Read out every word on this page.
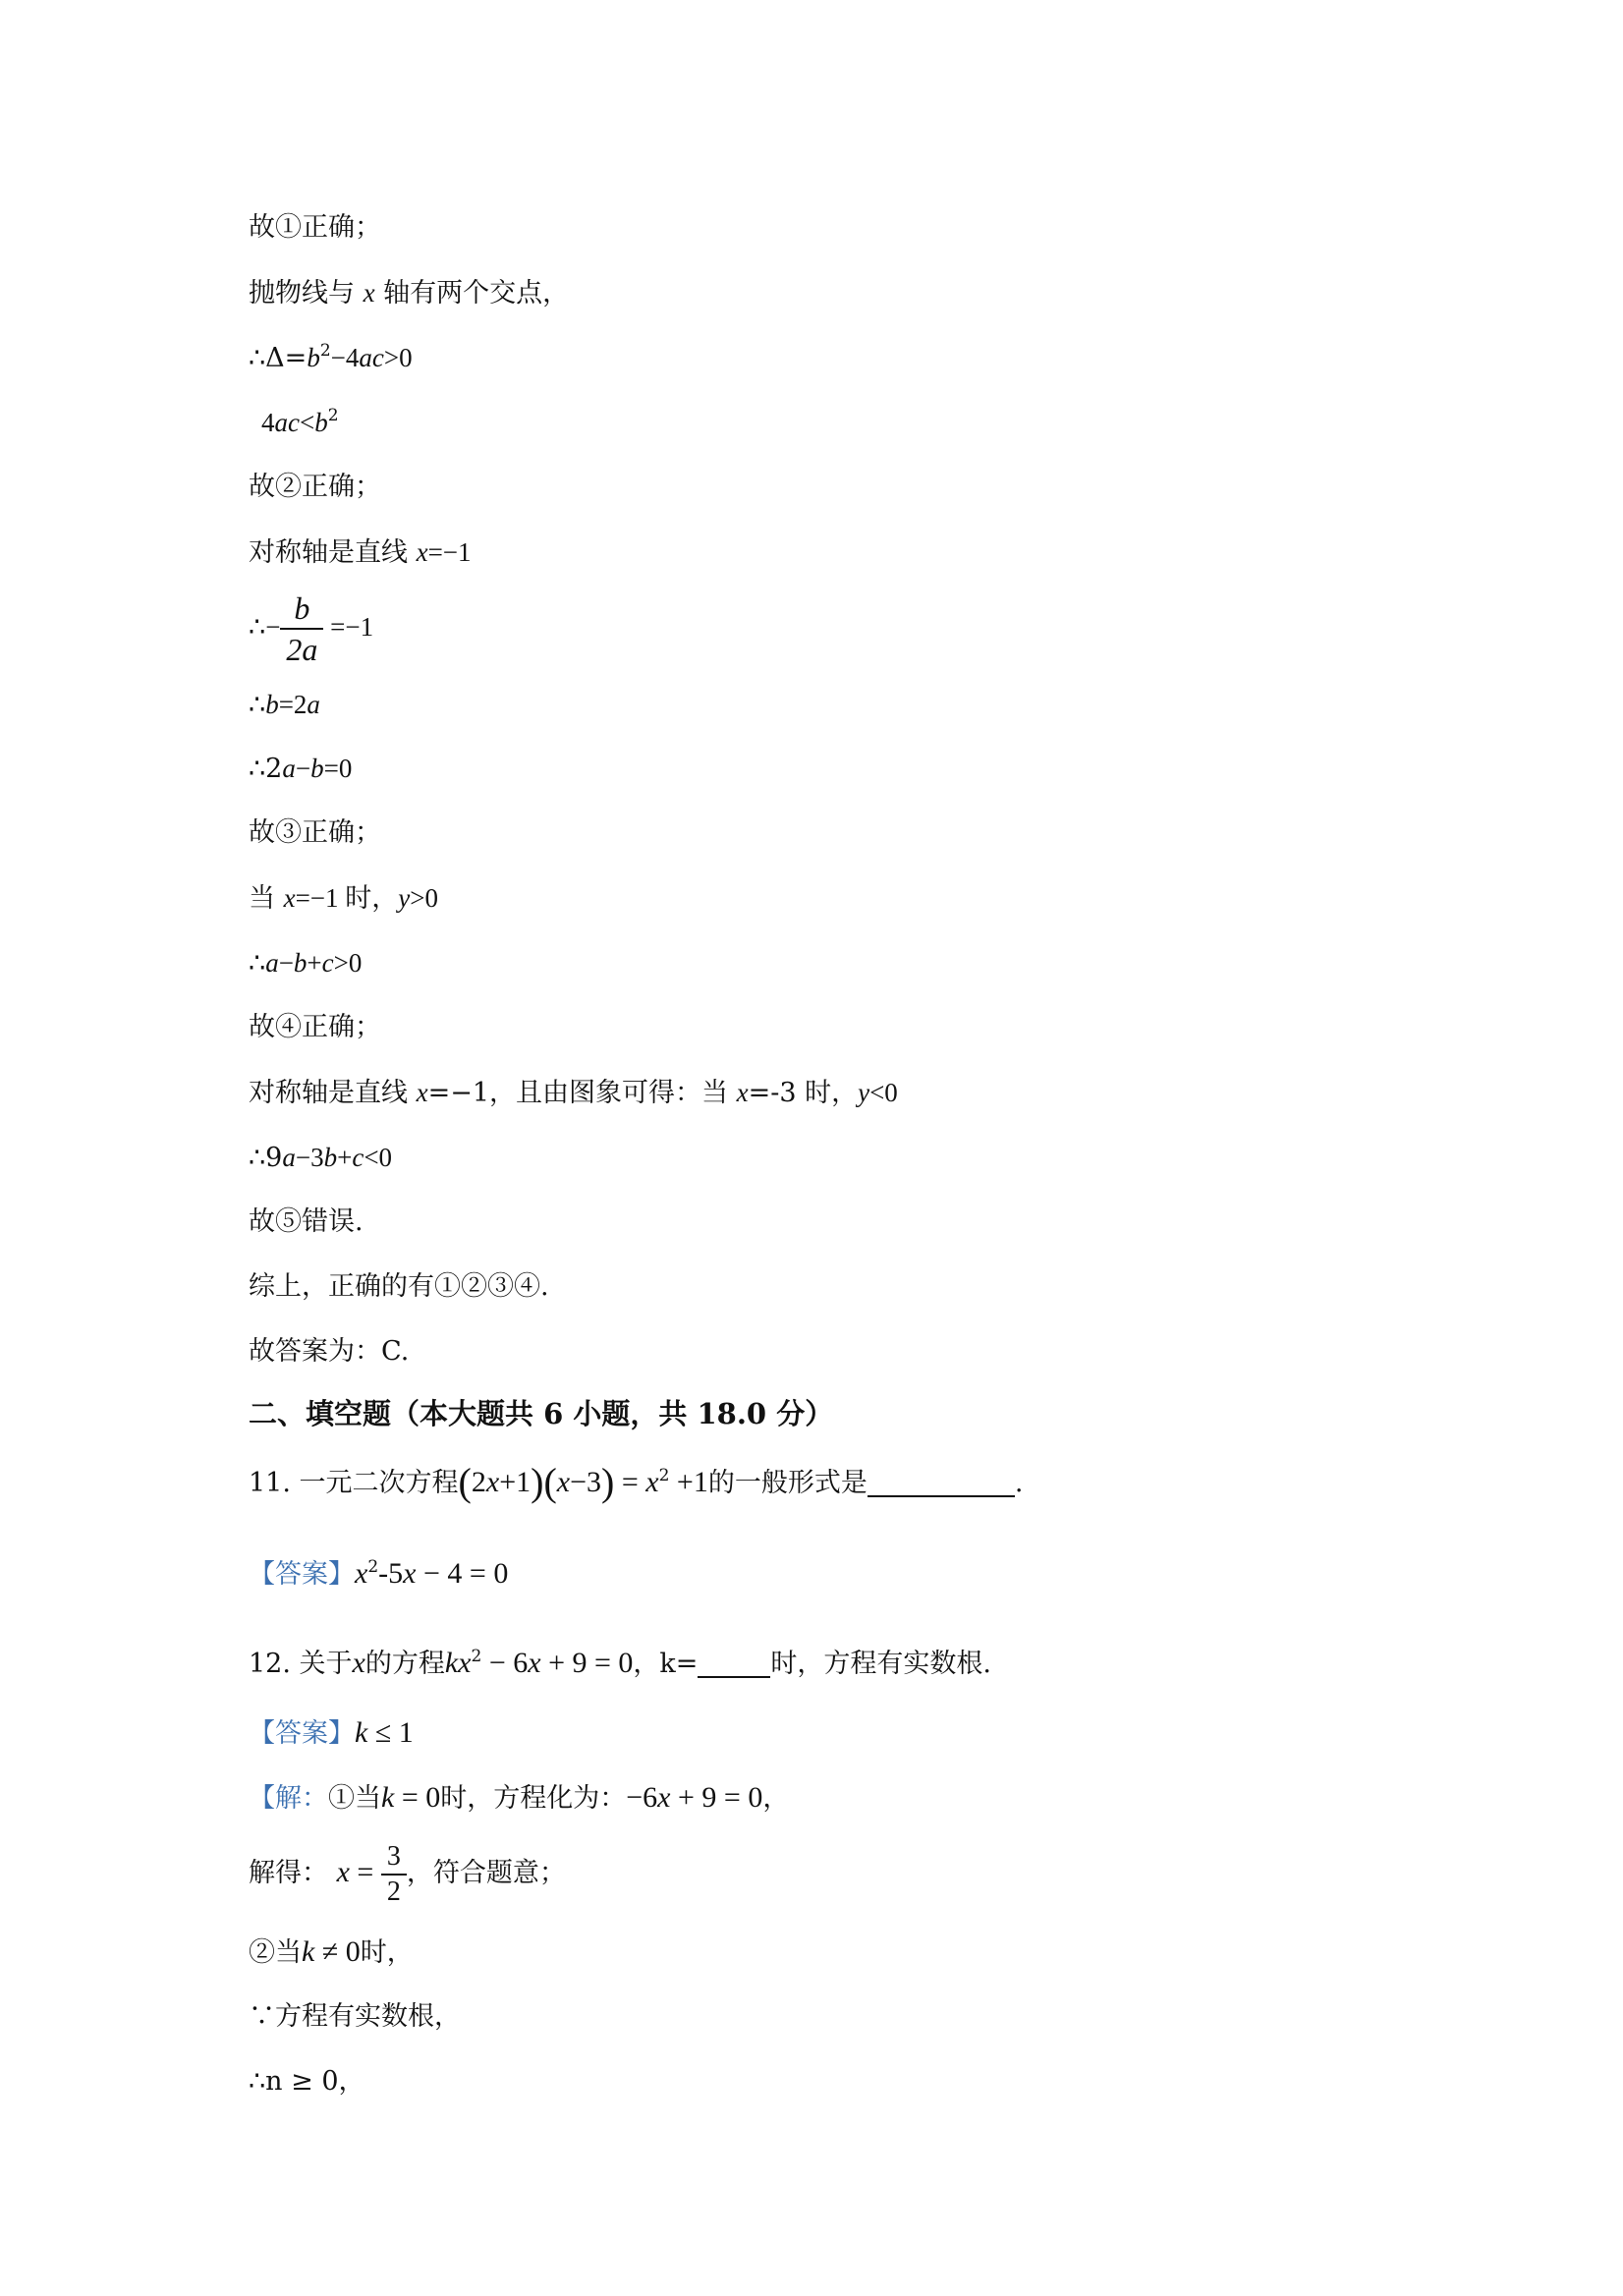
故①正确；
抛物线与 x 轴有两个交点，
$\therefore\Delta=b^2-4ac>0$
$4ac<b^2$
故②正确；
对称轴是直线 x=−1
∴− $\frac{b}{2a} =-1$
∴b=2a
∴2a−b=0
故③正确；
当 x=−1 时，y>0
∴a−b+c>0
故④正确；
对称轴是直线 x=−1，且由图象可得：当 x=-3 时，y<0
∴9a−3b+c<0
故⑤错误.
综上，正确的有①②③④.
故答案为：C.
二、填空题（本大题共 6 小题，共 18.0 分）
11. 一元二次方程$(2x+1)(x-3) = x^2 +1$的一般形式是	.
【答案】$x^2-5x - 4 = 0$
12. 关于x的方程$kx^2 - 6x + 9 = 0$，k=	时，方程有实数根.
【答案】k ≤ 1
【解：①当k = 0时，方程化为：−6x + 9 = 0，
解得： $x = \frac{3}{2}$ ，符合题意；
②当k ≠ 0时，
∵方程有实数根，
∴n ≥ 0，
